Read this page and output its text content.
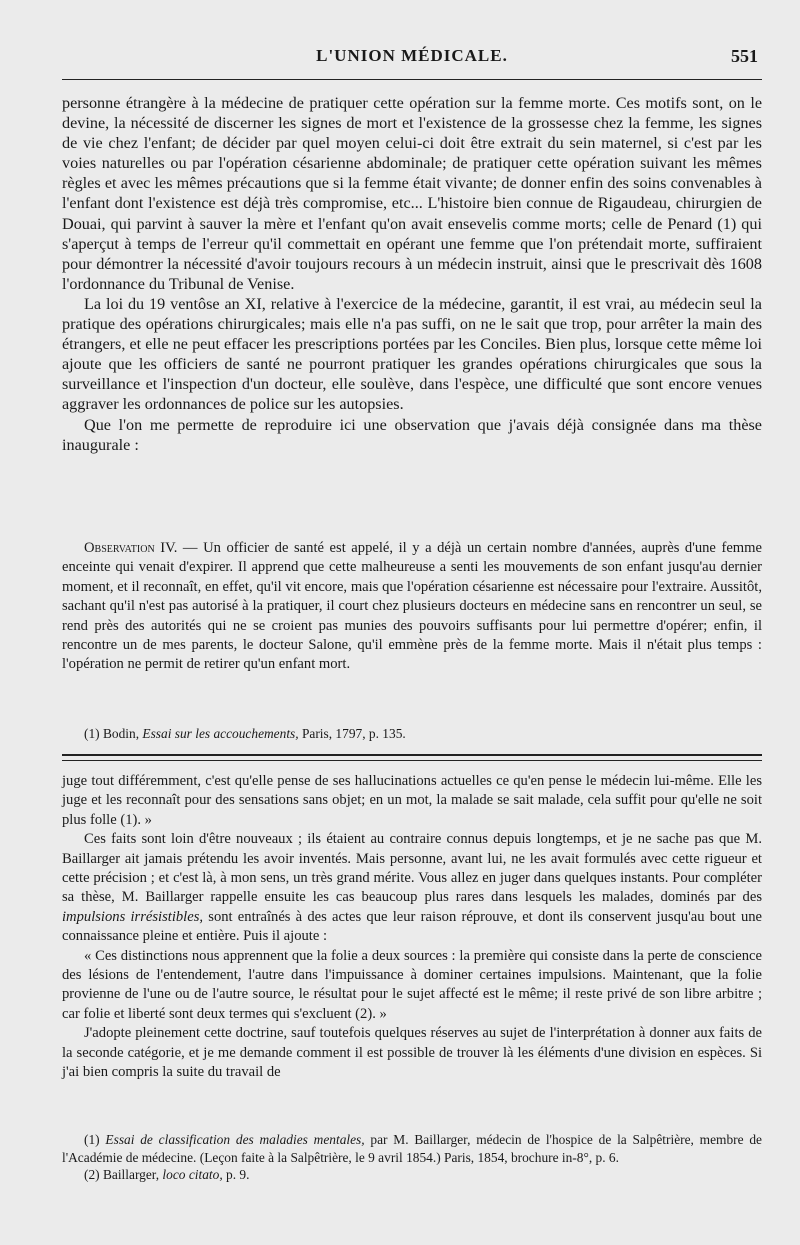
L'UNION MÉDICALE.	551

personne étrangère à la médecine de pratiquer cette opération sur la femme morte. Ces motifs sont, on le devine, la nécessité de discerner les signes de mort et l'existence de la grossesse chez la femme, les signes de vie chez l'enfant; de décider par quel moyen celui-ci doit être extrait du sein maternel, si c'est par les voies naturelles ou par l'opération césarienne abdominale; de pratiquer cette opération suivant les mêmes règles et avec les mêmes précautions que si la femme était vivante; de donner enfin des soins convenables à l'enfant dont l'existence est déjà très compromise, etc... L'histoire bien connue de Rigaudeau, chirurgien de Douai, qui parvint à sauver la mère et l'enfant qu'on avait ensevelis comme morts; celle de Penard (1) qui s'aperçut à temps de l'erreur qu'il commettait en opérant une femme que l'on prétendait morte, suffiraient pour démontrer la nécessité d'avoir toujours recours à un médecin instruit, ainsi que le prescrivait dès 1608 l'ordonnance du Tribunal de Venise.

La loi du 19 ventôse an XI, relative à l'exercice de la médecine, garantit, il est vrai, au médecin seul la pratique des opérations chirurgicales; mais elle n'a pas suffi, on ne le sait que trop, pour arrêter la main des étrangers, et elle ne peut effacer les prescriptions portées par les Conciles. Bien plus, lorsque cette même loi ajoute que les officiers de santé ne pourront pratiquer les grandes opérations chirurgicales que sous la surveillance et l'inspection d'un docteur, elle soulève, dans l'espèce, une difficulté que sont encore venues aggraver les ordonnances de police sur les autopsies.

Que l'on me permette de reproduire ici une observation que j'avais déjà consignée dans ma thèse inaugurale :

Observation IV. — Un officier de santé est appelé, il y a déjà un certain nombre d'années, auprès d'une femme enceinte qui venait d'expirer. Il apprend que cette malheureuse a senti les mouvements de son enfant jusqu'au dernier moment, et il reconnaît, en effet, qu'il vit encore, mais que l'opération césarienne est nécessaire pour l'extraire. Aussitôt, sachant qu'il n'est pas autorisé à la pratiquer, il court chez plusieurs docteurs en médecine sans en rencontrer un seul, se rend près des autorités qui ne se croient pas munies des pouvoirs suffisants pour lui permettre d'opérer; enfin, il rencontre un de mes parents, le docteur Salone, qu'il emmène près de la femme morte. Mais il n'était plus temps : l'opération ne permit de retirer qu'un enfant mort.

(1) Bodin, Essai sur les accouchements, Paris, 1797, p. 135.

juge tout différemment, c'est qu'elle pense de ses hallucinations actuelles ce qu'en pense le médecin lui-même. Elle les juge et les reconnaît pour des sensations sans objet; en un mot, la malade se sait malade, cela suffit pour qu'elle ne soit plus folle (1). »

Ces faits sont loin d'être nouveaux ; ils étaient au contraire connus depuis longtemps, et je ne sache pas que M. Baillarger ait jamais prétendu les avoir inventés. Mais personne, avant lui, ne les avait formulés avec cette rigueur et cette précision ; et c'est là, à mon sens, un très grand mérite. Vous allez en juger dans quelques instants. Pour compléter sa thèse, M. Baillarger rappelle ensuite les cas beaucoup plus rares dans lesquels les malades, dominés par des impulsions irrésistibles, sont entraînés à des actes que leur raison réprouve, et dont ils conservent jusqu'au bout une connaissance pleine et entière. Puis il ajoute :

« Ces distinctions nous apprennent que la folie a deux sources : la première qui consiste dans la perte de conscience des lésions de l'entendement, l'autre dans l'impuissance à dominer certaines impulsions. Maintenant, que la folie provienne de l'une ou de l'autre source, le résultat pour le sujet affecté est le même; il reste privé de son libre arbitre ; car folie et liberté sont deux termes qui s'excluent (2). »

J'adopte pleinement cette doctrine, sauf toutefois quelques réserves au sujet de l'interprétation à donner aux faits de la seconde catégorie, et je me demande comment il est possible de trouver là les éléments d'une division en espèces. Si j'ai bien compris la suite du travail de

(1) Essai de classification des maladies mentales, par M. Baillarger, médecin de l'hospice de la Salpêtrière, membre de l'Académie de médecine. (Leçon faite à la Salpêtrière, le 9 avril 1854.) Paris, 1854, brochure in-8°, p. 6.

(2) Baillarger, loco citato, p. 9.
